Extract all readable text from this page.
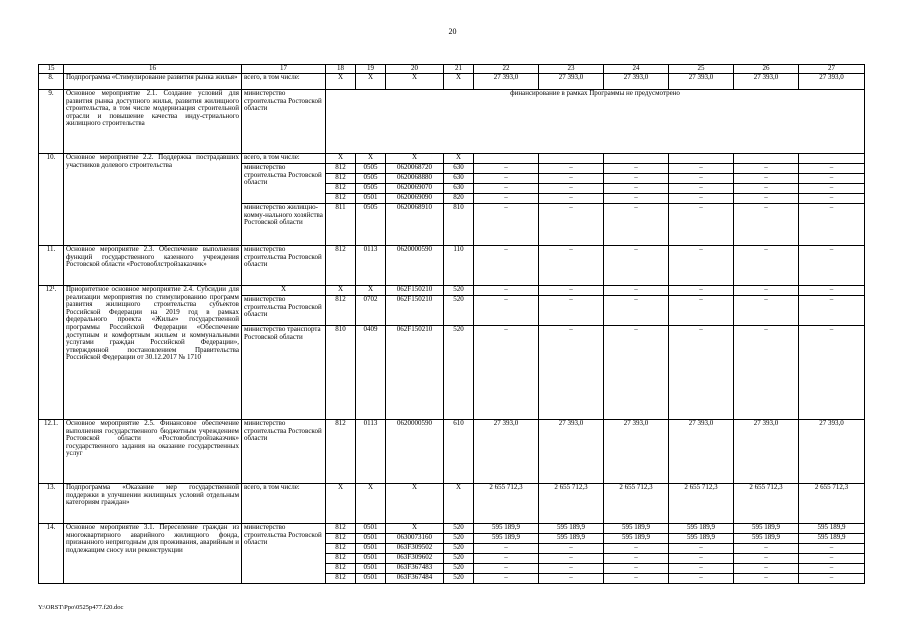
20
15	16	17	18	19	20	21	22	23	24	25	26	27
8.	Подпрограмма «Стимулирование развития рынка жилья»	всего, в том числе:	X	X	X	X	27 393,0	27 393,0	27 393,0	27 393,0	27 393,0	27 393,0
9.	Основное мероприятие 2.1. Создание условий для развития рынка доступного жилья, развития жилищного строительства, в том числе модернизация строительной отрасли и повышение качества инду-стриального жилищного строительства	министерство строительства Ростовской области	финансирование в рамках Программы не предусмотрено									
10.	Основное мероприятие 2.2. Поддержка пострадавших участников долевого строительства	всего, в том числе:	X	X	X	X						
		министерство строительства Ростовской области	812	0505	0620068720	630	–	–	–	–	–	–
			812	0505	0620068880	630	–	–	–	–	–	–
			812	0505	0620069070	630	–	–	–	–	–	–
			812	0501	0620069090	820	–	–	–	–	–	–
		министерство жилищно-комму-нального хозяйства Ростовской области	811	0505	0620068910	810	–	–	–	–	–	–
11.	Основное мероприятие 2.3. Обеспечение выполнения функций государственного казенного учреждения Ростовской области «Ростовоблстройзаказчик»	министерство строительства Ростовской области	812	0113	0620000590	110	–	–	–	–	–	–
12¹.	Приоритетное основное мероприятие 2.4. Субсидии для реализации мероприятия по стимулированию программ развития жилищного строительства субъектов Российской Федерации на 2019 год в рамках федерального проекта «Жилье» государственной программы Российской Федерации «Обеспечение доступным и комфортным жильем и коммунальными услугами граждан Российской Федерации», утвержденной постановлением Правительства Российской Федерации от 30.12.2017 № 1710	X	X	X	062F150210	520	–	–	–	–	–	–
		министерство строительства Ростовской области	812	0702	062F150210	520	–	–	–	–	–	–
		министерство транспорта Ростовской области	810	0409	062F150210	520	–	–	–	–	–	–
12.1.	Основное мероприятие 2.5. Финансовое обеспечение выполнения государственного бюджетным учреждением Ростовской области «Ростовоблстройзаказчик» государственного задания на оказание государственных услуг	министерство строительства Ростовской области	812	0113	0620000590	610	27 393,0	27 393,0	27 393,0	27 393,0	27 393,0	27 393,0
13.	Подпрограмма «Оказание мер государственной поддержки в улучшении жилищных условий отдельным категориям граждан»	всего, в том числе:	X	X	X	X	2 655 712,3	2 655 712,3	2 655 712,3	2 655 712,3	2 655 712,3	2 655 712,3
14.	Основное мероприятие 3.1. Переселение граждан из многоквартирного аварийного жилищного фонда, признанного непригодным для проживания, аварийным и подлежащим сносу или реконструкции	министерство строительства Ростовской области	812	0501	X	520	595 189,9	595 189,9	595 189,9	595 189,9	595 189,9	595 189,9
			812	0501	0630073160	520	595 189,9	595 189,9	595 189,9	595 189,9	595 189,9	595 189,9
			812	0501	063F309502	520	–	–	–	–	–	–
			812	0501	063F309602	520	–	–	–	–	–	–
			812	0501	063F367483	520	–	–	–	–	–	–
			812	0501	063F367484	520	–	–	–	–	–	–
Y:\ORST\Ppo\0525p477.f20.doc
